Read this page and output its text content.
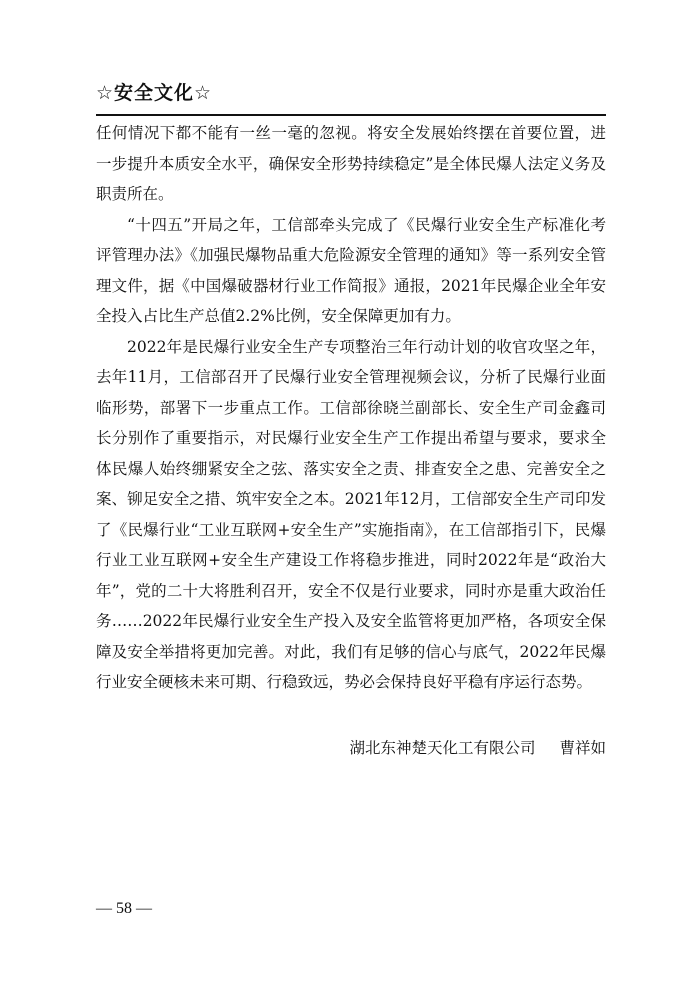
☆安全文化☆

任何情况下都不能有一丝一毫的忽视。将安全发展始终摆在首要位置，进一步提升本质安全水平，确保安全形势持续稳定”是全体民爆人法定义务及职责所在。

“十四五”开局之年，工信部牵头完成了《民爆行业安全生产标准化考评管理办法》《加强民爆物品重大危险源安全管理的通知》等一系列安全管理文件，据《中国爆破器材行业工作简报》通报，2021年民爆企业全年安全投入占比生产总值2.2%比例，安全保障更加有力。

2022年是民爆行业安全生产专项整治三年行动计划的收官攻坚之年，去年11月，工信部召开了民爆行业安全管理视频会议，分析了民爆行业面临形势，部署下一步重点工作。工信部徐晓兰副部长、安全生产司金鑫司长分别作了重要指示，对民爆行业安全生产工作提出希望与要求，要求全体民爆人始终绷紧安全之弦、落实安全之责、排查安全之患、完善安全之案、铆足安全之措、筑牢安全之本。2021年12月，工信部安全生产司印发了《民爆行业“工业互联网+安全生产”实施指南》，在工信部指引下，民爆行业工业互联网+安全生产建设工作将稳步推进，同时2022年是“政治大年”，党的二十大将胜利召开，安全不仅是行业要求，同时亦是重大政治任务……2022年民爆行业安全生产投入及安全监管将更加严格，各项安全保障及安全举措将更加完善。对此，我们有足够的信心与底气，2022年民爆行业安全硬核未来可期、行稳致远，势必会保持良好平稳有序运行态势。

湖北东神楚天化工有限公司 曹祥如
— 58 —
